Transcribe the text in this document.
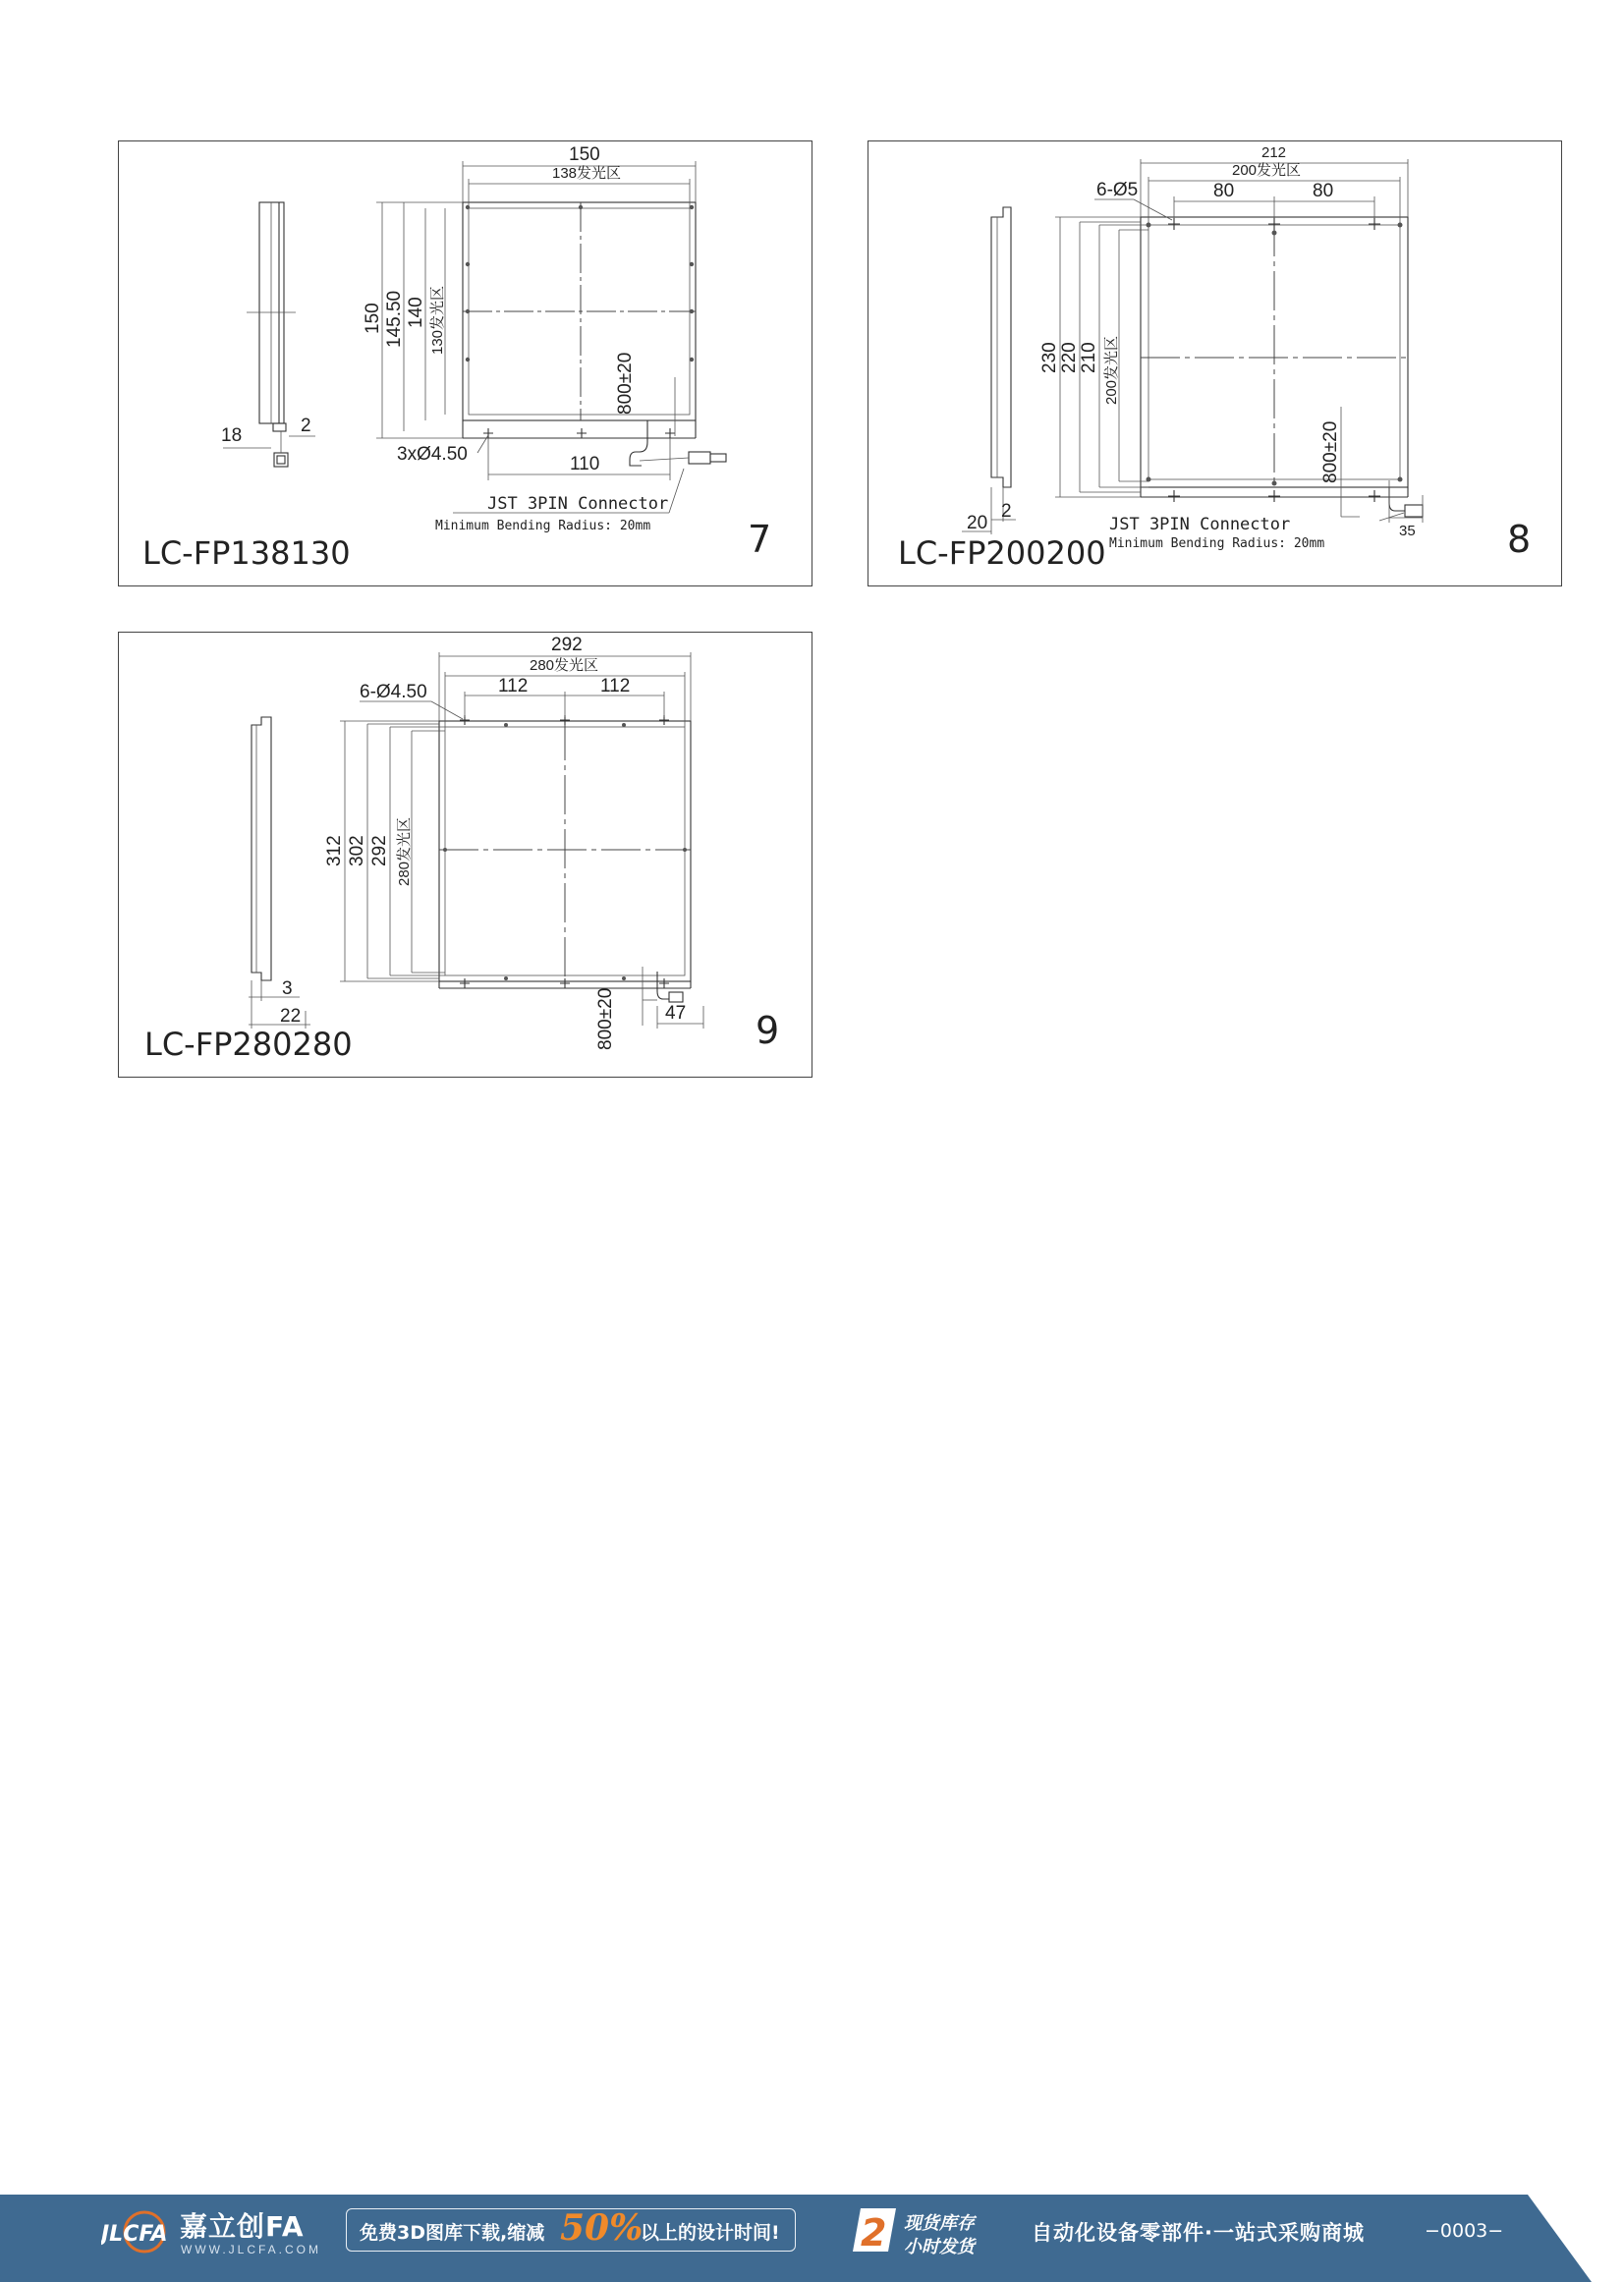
18	2
150
138发光区
150 145.50 140 130发光区
3xØ4.50	110
800±20
JST 3PIN Connector
Minimum Bending Radius: 20mm
LC-FP138130	7	20
2
212
200发光区
80	80
6-Ø5
230 220 210 200发光区
35
800±20
JST 3PIN Connector
Minimum Bending Radius: 20mm
LC-FP200200	8
3
22
292
280发光区
112	112
6-Ø4.50
312 302 292 280发光区
47
800±20
LC-FP280280	9
JLCFA 嘉立创FA
WWW.JLCFA.COM
免费3D图库下载,缩减 50%
以上的设计时间! 2 现货库存
小时发货
自动化设备零部件·一站式采购商城	−0003−
